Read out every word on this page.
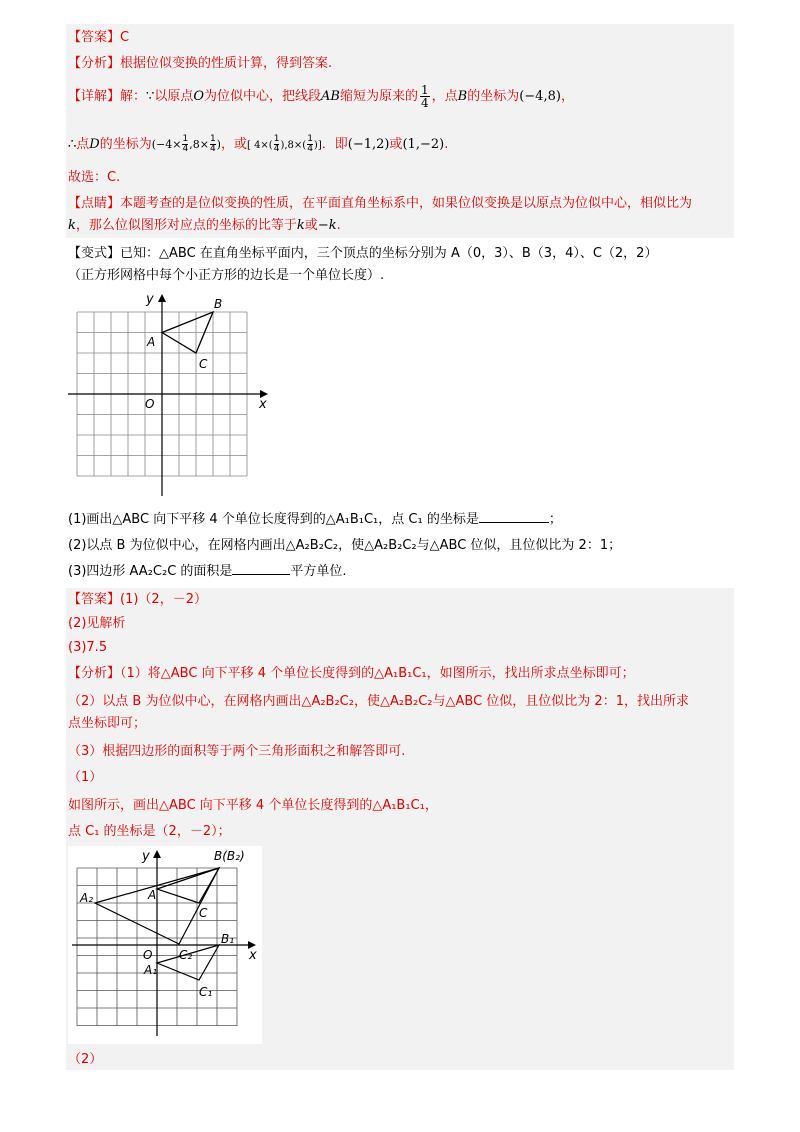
【答案】C
【分析】根据位似变换的性质计算，得到答案.
【详解】解：∵以原点O为位似中心，把线段AB缩短为原来的 $\frac{1}{4}$ ，点B的坐标为(−4,8)，
∴点D的坐标为($-4\times \frac{1}{4} ,8\times \frac{1}{4}$ )，或[ $4\times( \frac{1}{4} ),8\times( \frac{1}{4}$ )]．即(−1,2)或(1,−2).
故选：C.
【点睛】本题考查的是位似变换的性质，在平面直角坐标系中，如果位似变换是以原点为位似中心，相似比为
k，那么位似图形对应点的坐标的比等于k或−k.
【变式】已知：△ABC 在直角坐标平面内，三个顶点的坐标分别为 A（0，3）、B（3，4）、C（2，2）
（正方形网格中每个小正方形的边长是一个单位长度）.
y
x
O
A
B
C
(1)画出△ABC 向下平移 4 个单位长度得到的△A₁B₁C₁，点 C₁ 的坐标是	；
(2)以点 B 为位似中心，在网格内画出△A₂B₂C₂，使△A₂B₂C₂与△ABC 位似，且位似比为 2：1；
(3)四边形 AA₂C₂C 的面积是	平方单位.
【答案】(1)（2，－2）
(2)见解析
(3)7.5
【分析】（1）将△ABC 向下平移 4 个单位长度得到的△A₁B₁C₁，如图所示，找出所求点坐标即可；
（2）以点 B 为位似中心，在网格内画出△A₂B₂C₂，使△A₂B₂C₂与△ABC 位似，且位似比为 2：1，找出所求
点坐标即可；
（3）根据四边形的面积等于两个三角形面积之和解答即可.
（1）
如图所示，画出△ABC 向下平移 4 个单位长度得到的△A₁B₁C₁，
点 C₁ 的坐标是（2，－2）；
y
x
O
A
B(B₂)
C
A₂
C₂
A₁
B₁
C₁
（2）
